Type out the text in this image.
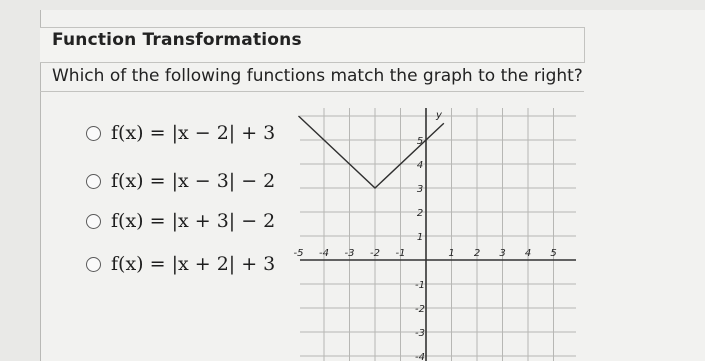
Function Transformations
Which of the following functions match the graph to the right?
f(x) = |x − 2| + 3
f(x) = |x − 3| − 2
f(x) = |x + 3| − 2
f(x) = |x + 2| + 3 -5 -4 -3 -2 -1	1 2 3 4 5
5
4
3
2
1
-1
-2
-3
-4
y
